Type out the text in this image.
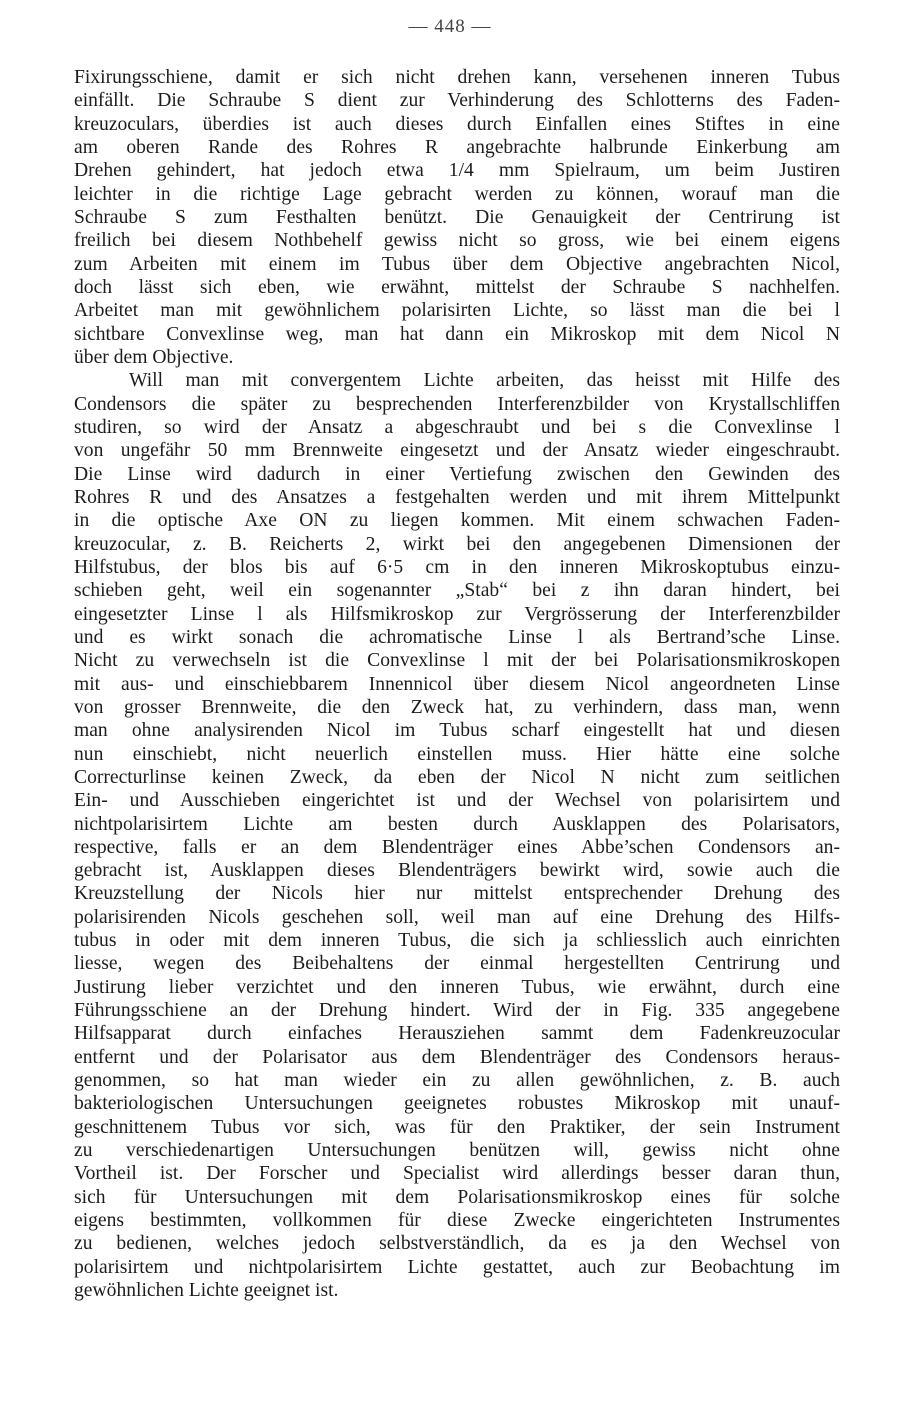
— 448 —
Fixirungsschiene, damit er sich nicht drehen kann, versehenen inneren Tubus
einfällt. Die Schraube S dient zur Verhinderung des Schlotterns des Faden-
kreuzoculars, überdies ist auch dieses durch Einfallen eines Stiftes in eine
am oberen Rande des Rohres R angebrachte halbrunde Einkerbung am
Drehen gehindert, hat jedoch etwa 1/4 mm Spielraum, um beim Justiren
leichter in die richtige Lage gebracht werden zu können, worauf man die
Schraube S zum Festhalten benützt. Die Genauigkeit der Centrirung ist
freilich bei diesem Nothbehelf gewiss nicht so gross, wie bei einem eigens
zum Arbeiten mit einem im Tubus über dem Objective angebrachten Nicol,
doch lässt sich eben, wie erwähnt, mittelst der Schraube S nachhelfen.
Arbeitet man mit gewöhnlichem polarisirten Lichte, so lässt man die bei l
sichtbare Convexlinse weg, man hat dann ein Mikroskop mit dem Nicol N
über dem Objective.
Will man mit convergentem Lichte arbeiten, das heisst mit Hilfe des
Condensors die später zu besprechenden Interferenzbilder von Krystallschliffen
studiren, so wird der Ansatz a abgeschraubt und bei s die Convexlinse l
von ungefähr 50 mm Brennweite eingesetzt und der Ansatz wieder eingeschraubt.
Die Linse wird dadurch in einer Vertiefung zwischen den Gewinden des
Rohres R und des Ansatzes a festgehalten werden und mit ihrem Mittelpunkt
in die optische Axe ON zu liegen kommen. Mit einem schwachen Faden-
kreuzocular, z. B. Reicherts 2, wirkt bei den angegebenen Dimensionen der
Hilfstubus, der blos bis auf 6·5 cm in den inneren Mikroskoptubus einzu-
schieben geht, weil ein sogenannter „Stab“ bei z ihn daran hindert, bei
eingesetzter Linse l als Hilfsmikroskop zur Vergrösserung der Interferenzbilder
und es wirkt sonach die achromatische Linse l als Bertrand’sche Linse.
Nicht zu verwechseln ist die Convexlinse l mit der bei Polarisationsmikroskopen
mit aus- und einschiebbarem Innennicol über diesem Nicol angeordneten Linse
von grosser Brennweite, die den Zweck hat, zu verhindern, dass man, wenn
man ohne analysirenden Nicol im Tubus scharf eingestellt hat und diesen
nun einschiebt, nicht neuerlich einstellen muss. Hier hätte eine solche
Correcturlinse keinen Zweck, da eben der Nicol N nicht zum seitlichen
Ein- und Ausschieben eingerichtet ist und der Wechsel von polarisirtem und
nichtpolarisirtem Lichte am besten durch Ausklappen des Polarisators,
respective, falls er an dem Blendenträger eines Abbe’schen Condensors an-
gebracht ist, Ausklappen dieses Blendenträgers bewirkt wird, sowie auch die
Kreuzstellung der Nicols hier nur mittelst entsprechender Drehung des
polarisirenden Nicols geschehen soll, weil man auf eine Drehung des Hilfs-
tubus in oder mit dem inneren Tubus, die sich ja schliesslich auch einrichten
liesse, wegen des Beibehaltens der einmal hergestellten Centrirung und
Justirung lieber verzichtet und den inneren Tubus, wie erwähnt, durch eine
Führungsschiene an der Drehung hindert. Wird der in Fig. 335 angegebene
Hilfsapparat durch einfaches Herausziehen sammt dem Fadenkreuzocular
entfernt und der Polarisator aus dem Blendenträger des Condensors heraus-
genommen, so hat man wieder ein zu allen gewöhnlichen, z. B. auch
bakteriologischen Untersuchungen geeignetes robustes Mikroskop mit unauf-
geschnittenem Tubus vor sich, was für den Praktiker, der sein Instrument
zu verschiedenartigen Untersuchungen benützen will, gewiss nicht ohne
Vortheil ist. Der Forscher und Specialist wird allerdings besser daran thun,
sich für Untersuchungen mit dem Polarisationsmikroskop eines für solche
eigens bestimmten, vollkommen für diese Zwecke eingerichteten Instrumentes
zu bedienen, welches jedoch selbstverständlich, da es ja den Wechsel von
polarisirtem und nichtpolarisirtem Lichte gestattet, auch zur Beobachtung im
gewöhnlichen Lichte geeignet ist.
